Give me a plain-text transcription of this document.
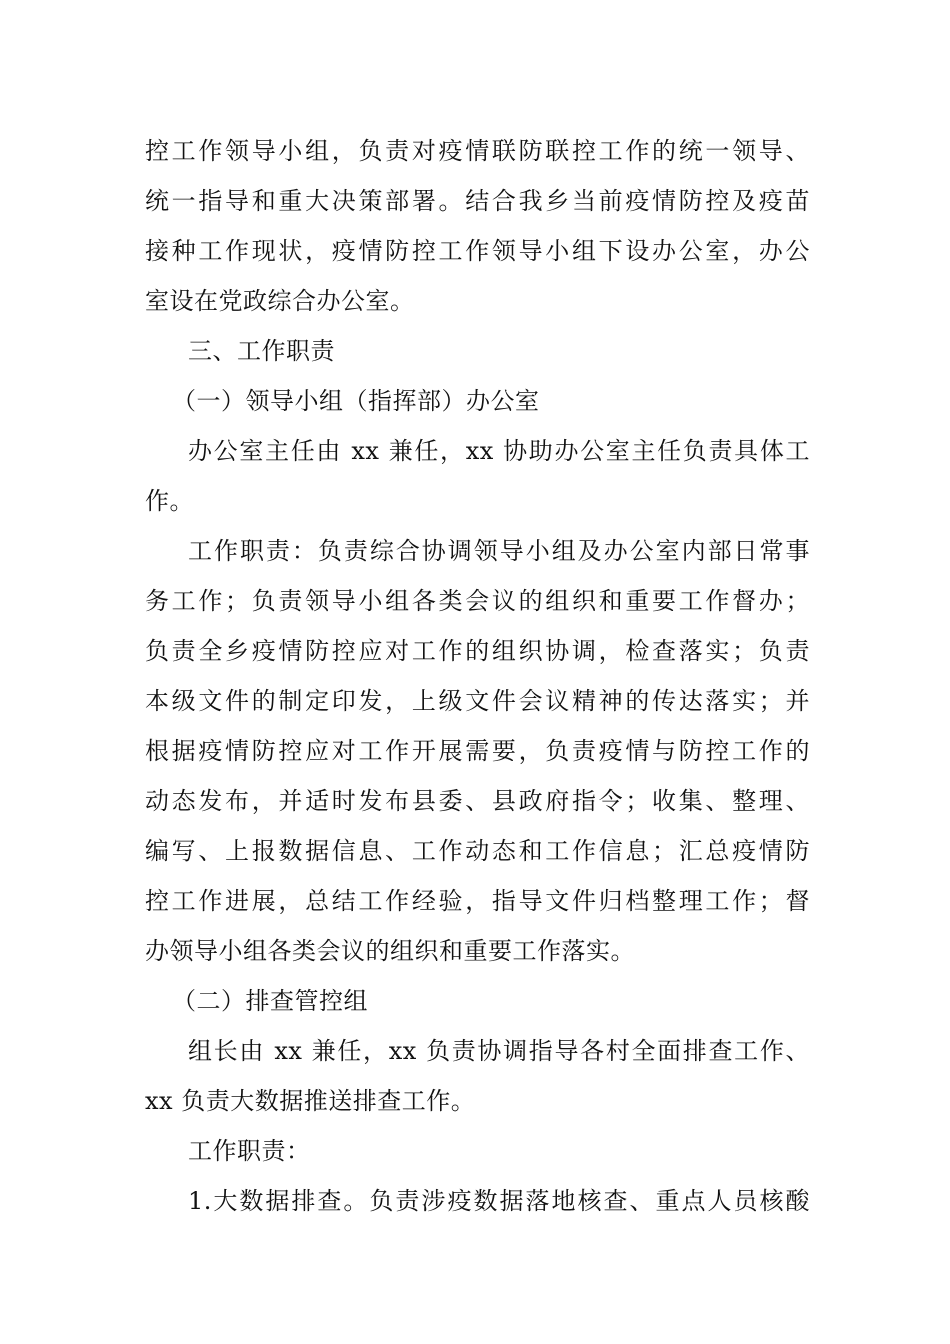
控工作领导小组，负责对疫情联防联控工作的统一领导、
统一指导和重大决策部署。结合我乡当前疫情防控及疫苗
接种工作现状，疫情防控工作领导小组下设办公室，办公
室设在党政综合办公室。
三、工作职责
（一）领导小组（指挥部）办公室
办公室主任由 xx 兼任，xx 协助办公室主任负责具体工
作。
工作职责：负责综合协调领导小组及办公室内部日常事
务工作；负责领导小组各类会议的组织和重要工作督办；
负责全乡疫情防控应对工作的组织协调，检查落实；负责
本级文件的制定印发，上级文件会议精神的传达落实；并
根据疫情防控应对工作开展需要，负责疫情与防控工作的
动态发布，并适时发布县委、县政府指令；收集、整理、
编写、上报数据信息、工作动态和工作信息；汇总疫情防
控工作进展，总结工作经验，指导文件归档整理工作；督
办领导小组各类会议的组织和重要工作落实。
（二）排查管控组
组长由 xx 兼任，xx 负责协调指导各村全面排查工作、
xx 负责大数据推送排查工作。
工作职责：
1.大数据排查。负责涉疫数据落地核查、重点人员核酸
